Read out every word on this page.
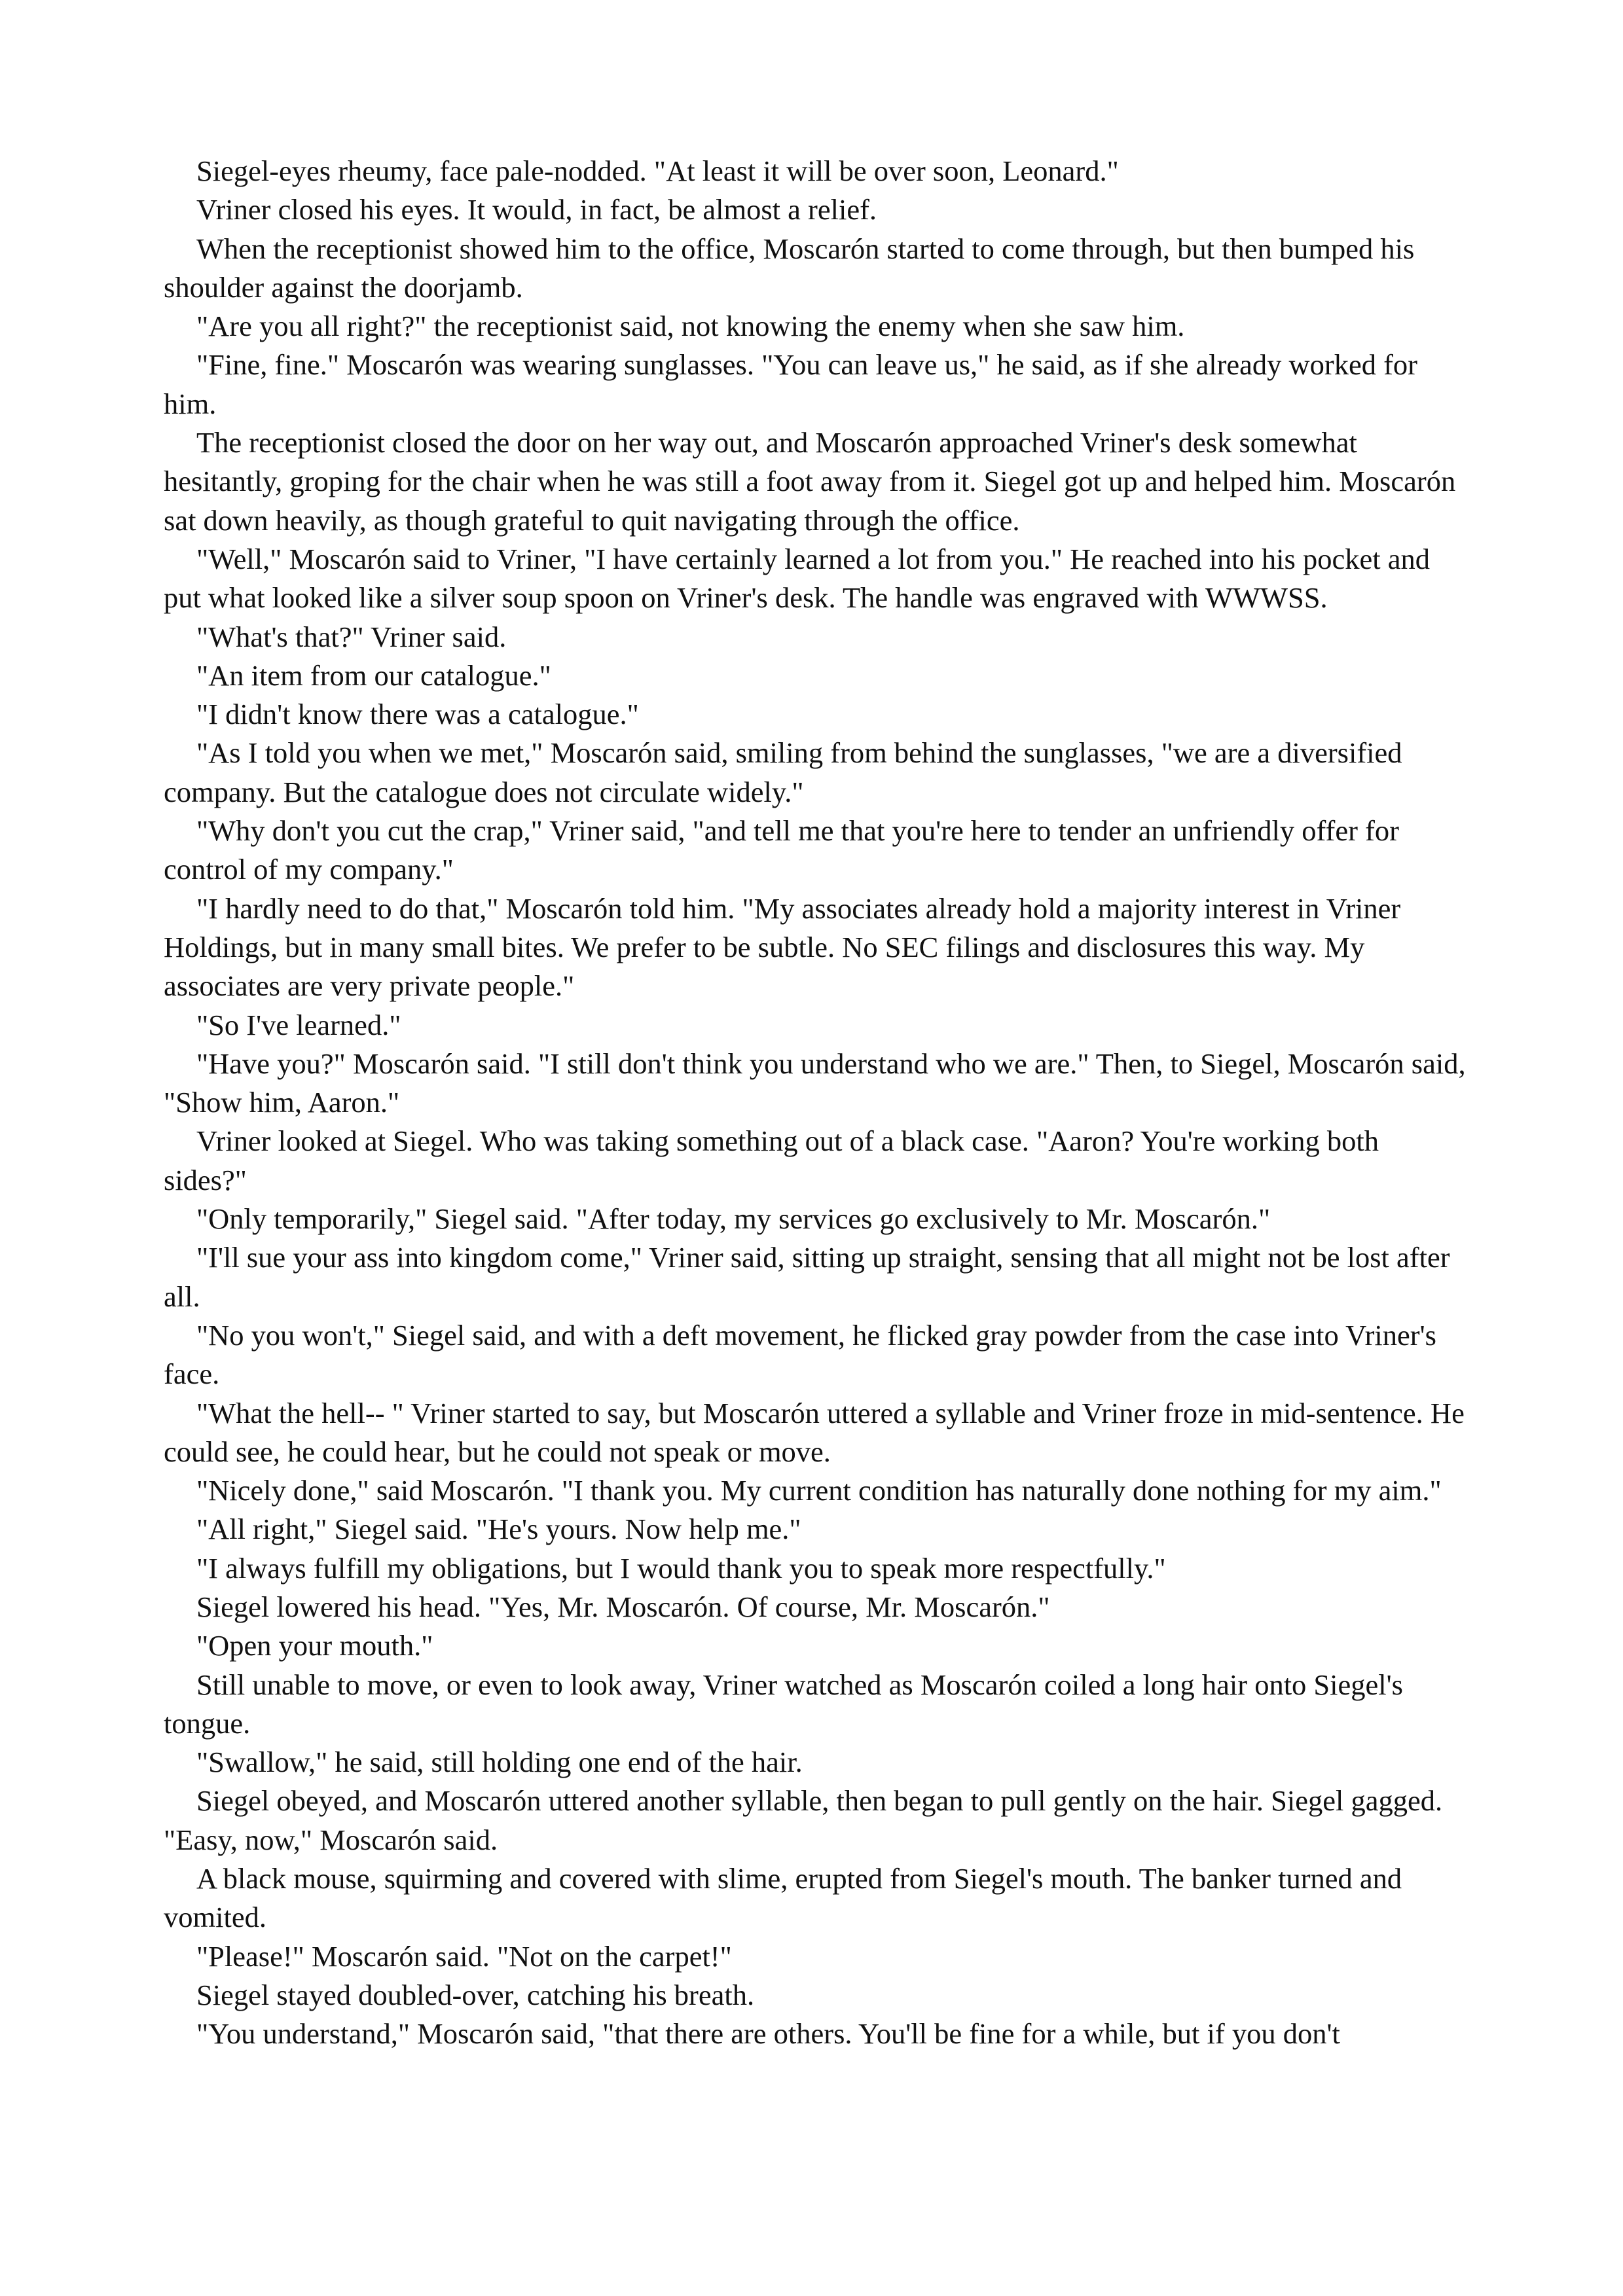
Siegel-eyes rheumy, face pale-nodded. "At least it will be over soon, Leonard."

Vriner closed his eyes. It would, in fact, be almost a relief.

When the receptionist showed him to the office, Moscarón started to come through, but then bumped his shoulder against the doorjamb.

"Are you all right?" the receptionist said, not knowing the enemy when she saw him.

"Fine, fine." Moscarón was wearing sunglasses. "You can leave us," he said, as if she already worked for him.

The receptionist closed the door on her way out, and Moscarón approached Vriner's desk somewhat hesitantly, groping for the chair when he was still a foot away from it. Siegel got up and helped him. Moscarón sat down heavily, as though grateful to quit navigating through the office.

"Well," Moscarón said to Vriner, "I have certainly learned a lot from you." He reached into his pocket and put what looked like a silver soup spoon on Vriner's desk. The handle was engraved with WWWSS.

"What's that?" Vriner said.

"An item from our catalogue."

"I didn't know there was a catalogue."

"As I told you when we met," Moscarón said, smiling from behind the sunglasses, "we are a diversified company. But the catalogue does not circulate widely."

"Why don't you cut the crap," Vriner said, "and tell me that you're here to tender an unfriendly offer for control of my company."

"I hardly need to do that," Moscarón told him. "My associates already hold a majority interest in Vriner Holdings, but in many small bites. We prefer to be subtle. No SEC filings and disclosures this way. My associates are very private people."

"So I've learned."

"Have you?" Moscarón said. "I still don't think you understand who we are." Then, to Siegel, Moscarón said, "Show him, Aaron."

Vriner looked at Siegel. Who was taking something out of a black case. "Aaron? You're working both sides?"

"Only temporarily," Siegel said. "After today, my services go exclusively to Mr. Moscarón."

"I'll sue your ass into kingdom come," Vriner said, sitting up straight, sensing that all might not be lost after all.

"No you won't," Siegel said, and with a deft movement, he flicked gray powder from the case into Vriner's face.

"What the hell-- " Vriner started to say, but Moscarón uttered a syllable and Vriner froze in mid-sentence. He could see, he could hear, but he could not speak or move.

"Nicely done," said Moscarón. "I thank you. My current condition has naturally done nothing for my aim."

"All right," Siegel said. "He's yours. Now help me."

"I always fulfill my obligations, but I would thank you to speak more respectfully."

Siegel lowered his head. "Yes, Mr. Moscarón. Of course, Mr. Moscarón."

"Open your mouth."

Still unable to move, or even to look away, Vriner watched as Moscarón coiled a long hair onto Siegel's tongue.

"Swallow," he said, still holding one end of the hair.

Siegel obeyed, and Moscarón uttered another syllable, then began to pull gently on the hair. Siegel gagged. "Easy, now," Moscarón said.

A black mouse, squirming and covered with slime, erupted from Siegel's mouth. The banker turned and vomited.

"Please!" Moscarón said. "Not on the carpet!"

Siegel stayed doubled-over, catching his breath.

"You understand," Moscarón said, "that there are others. You'll be fine for a while, but if you don't
